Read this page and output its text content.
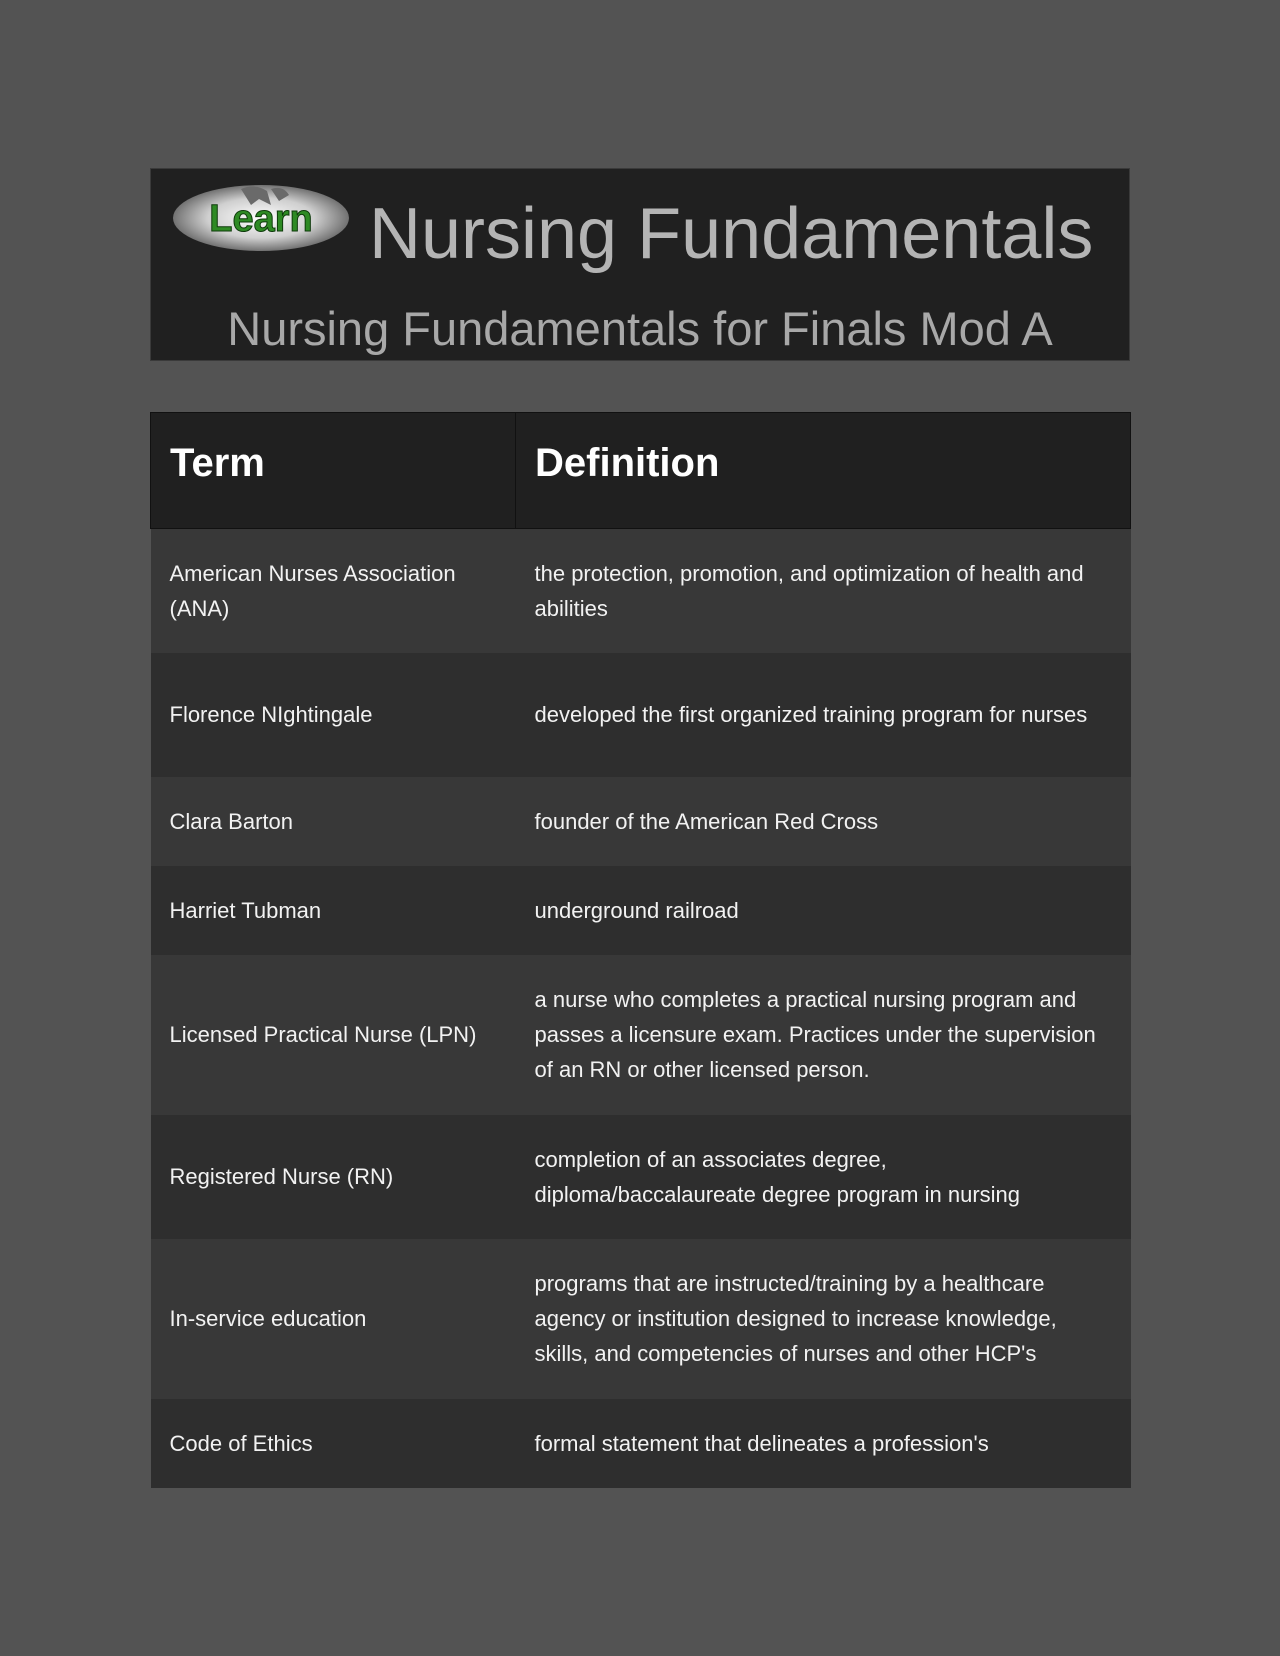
Learn Nursing Fundamentals
Nursing Fundamentals for Finals Mod A
Term	Definition
American Nurses Association (ANA)	the protection, promotion, and optimization of health and abilities
Florence NIghtingale	developed the first organized training program for nurses
Clara Barton	founder of the American Red Cross
Harriet Tubman	underground railroad
Licensed Practical Nurse (LPN)	a nurse who completes a practical nursing program and passes a licensure exam. Practices under the supervision of an RN or other licensed person.
Registered Nurse (RN)	completion of an associates degree, diploma/baccalaureate degree program in nursing
In-service education	programs that are instructed/training by a healthcare agency or institution designed to increase knowledge, skills, and competencies of nurses and other HCP's
Code of Ethics	formal statement that delineates a profession's
